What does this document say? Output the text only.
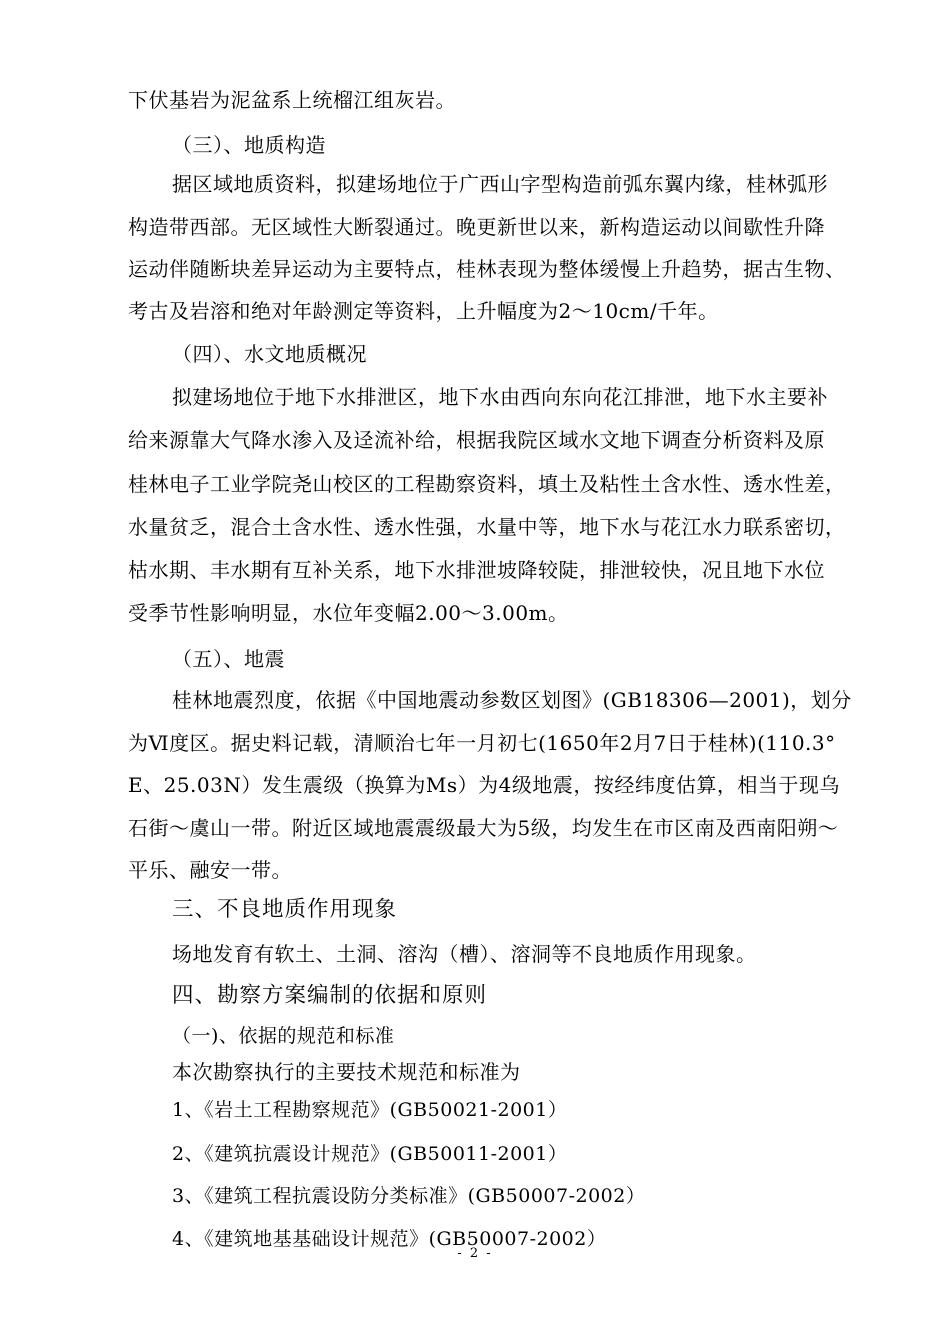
下伏基岩为泥盆系上统榴江组灰岩。
（三）、地质构造
据区域地质资料，拟建场地位于广西山字型构造前弧东翼内缘，桂林弧形
构造带西部。无区域性大断裂通过。晚更新世以来，新构造运动以间歇性升降
运动伴随断块差异运动为主要特点，桂林表现为整体缓慢上升趋势，据古生物、
考古及岩溶和绝对年龄测定等资料，上升幅度为2～10cm/千年。
（四）、水文地质概况
拟建场地位于地下水排泄区，地下水由西向东向花江排泄，地下水主要补
给来源靠大气降水渗入及迳流补给，根据我院区域水文地下调查分析资料及原
桂林电子工业学院尧山校区的工程勘察资料，填土及粘性土含水性、透水性差，
水量贫乏，混合土含水性、透水性强，水量中等，地下水与花江水力联系密切，
枯水期、丰水期有互补关系，地下水排泄坡降较陡，排泄较快，况且地下水位
受季节性影响明显，水位年变幅2.00～3.00m。
（五）、地震
桂林地震烈度，依据《中国地震动参数区划图》(GB18306—2001)，划分
为Ⅵ度区。据史料记载，清顺治七年一月初七(1650年2月7日于桂林)(110.3°
E、25.03N）发生震级（换算为Ms）为4级地震，按经纬度估算，相当于现乌
石街～虞山一带。附近区域地震震级最大为5级，均发生在市区南及西南阳朔～
平乐、融安一带。
三、不良地质作用现象
场地发育有软土、土洞、溶沟（槽）、溶洞等不良地质作用现象。
四、勘察方案编制的依据和原则
（一)、依据的规范和标准
本次勘察执行的主要技术规范和标准为
1、《岩土工程勘察规范》(GB50021-2001）
2、《建筑抗震设计规范》(GB50011-2001）
3、《建筑工程抗震设防分类标准》(GB50007-2002）
4、《建筑地基基础设计规范》(GB50007-2002）
- 2 -
